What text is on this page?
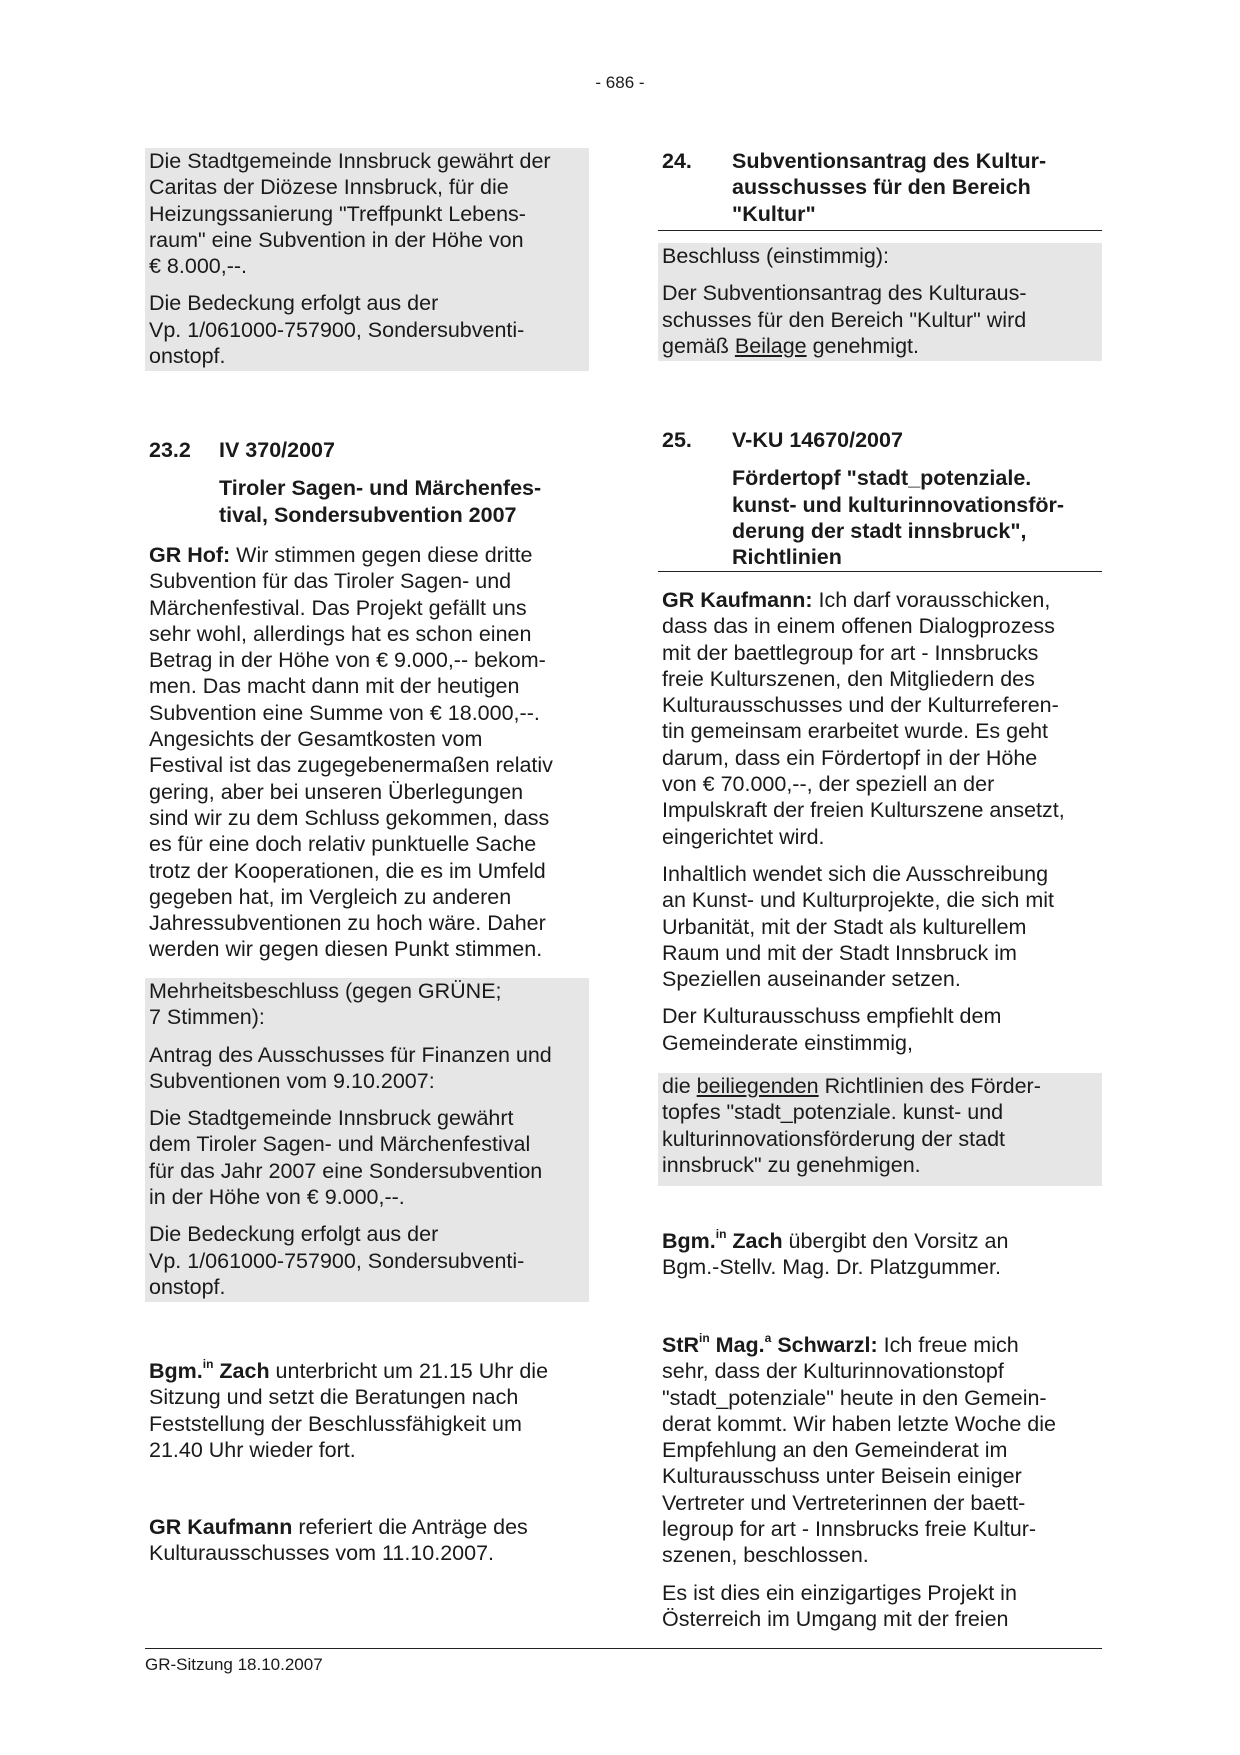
- 686 -
Die Stadtgemeinde Innsbruck gewährt der
Caritas der Diözese Innsbruck, für die
Heizungssanierung "Treffpunkt Lebens-
raum" eine Subvention in der Höhe von
€ 8.000,--.
Die Bedeckung erfolgt aus der
Vp. 1/061000-757900, Sondersubventi-
onstopf.
23.2	IV 370/2007
Tiroler Sagen- und Märchenfes-
tival, Sondersubvention 2007
GR Hof: Wir stimmen gegen diese dritte
Subvention für das Tiroler Sagen- und
Märchenfestival. Das Projekt gefällt uns
sehr wohl, allerdings hat es schon einen
Betrag in der Höhe von € 9.000,-- bekom-
men. Das macht dann mit der heutigen
Subvention eine Summe von € 18.000,--.
Angesichts der Gesamtkosten vom
Festival ist das zugegebenermaßen relativ
gering, aber bei unseren Überlegungen
sind wir zu dem Schluss gekommen, dass
es für eine doch relativ punktuelle Sache
trotz der Kooperationen, die es im Umfeld
gegeben hat, im Vergleich zu anderen
Jahressubventionen zu hoch wäre. Daher
werden wir gegen diesen Punkt stimmen.
Mehrheitsbeschluss (gegen GRÜNE;
7 Stimmen):
Antrag des Ausschusses für Finanzen und
Subventionen vom 9.10.2007:
Die Stadtgemeinde Innsbruck gewährt
dem Tiroler Sagen- und Märchenfestival
für das Jahr 2007 eine Sondersubvention
in der Höhe von € 9.000,--.
Die Bedeckung erfolgt aus der
Vp. 1/061000-757900, Sondersubventi-
onstopf.
Bgm.$^{in}$ Zach unterbricht um 21.15 Uhr die
Sitzung und setzt die Beratungen nach
Feststellung der Beschlussfähigkeit um
21.40 Uhr wieder fort.
GR Kaufmann referiert die Anträge des
Kulturausschusses vom 11.10.2007.
24.	Subventionsantrag des Kultur-
ausschusses für den Bereich
"Kultur"
Beschluss (einstimmig):
Der Subventionsantrag des Kulturaus-
schusses für den Bereich "Kultur" wird
gemäß Beilage genehmigt.
25.	V-KU 14670/2007
Fördertopf "stadt_potenziale.
kunst- und kulturinnovationsför-
derung der stadt innsbruck",
Richtlinien
GR Kaufmann: Ich darf vorausschicken,
dass das in einem offenen Dialogprozess
mit der baettlegroup for art - Innsbrucks
freie Kulturszenen, den Mitgliedern des
Kulturausschusses und der Kulturreferen-
tin gemeinsam erarbeitet wurde. Es geht
darum, dass ein Fördertopf in der Höhe
von € 70.000,--, der speziell an der
Impulskraft der freien Kulturszene ansetzt,
eingerichtet wird.
Inhaltlich wendet sich die Ausschreibung
an Kunst- und Kulturprojekte, die sich mit
Urbanität, mit der Stadt als kulturellem
Raum und mit der Stadt Innsbruck im
Speziellen auseinander setzen.
Der Kulturausschuss empfiehlt dem
Gemeinderate einstimmig,
die beiliegenden Richtlinien des Förder-
topfes "stadt_potenziale. kunst- und
kulturinnovationsförderung der stadt
innsbruck" zu genehmigen.
Bgm.$^{in}$ Zach übergibt den Vorsitz an
Bgm.-Stellv. Mag. Dr. Platzgummer.
StR$^{in}$ Mag.$^a$ Schwarzl: Ich freue mich
sehr, dass der Kulturinnovationstopf
"stadt_potenziale" heute in den Gemein-
derat kommt. Wir haben letzte Woche die
Empfehlung an den Gemeinderat im
Kulturausschuss unter Beisein einiger
Vertreter und Vertreterinnen der baett-
legroup for art - Innsbrucks freie Kultur-
szenen, beschlossen.
Es ist dies ein einzigartiges Projekt in
Österreich im Umgang mit der freien
GR-Sitzung 18.10.2007
